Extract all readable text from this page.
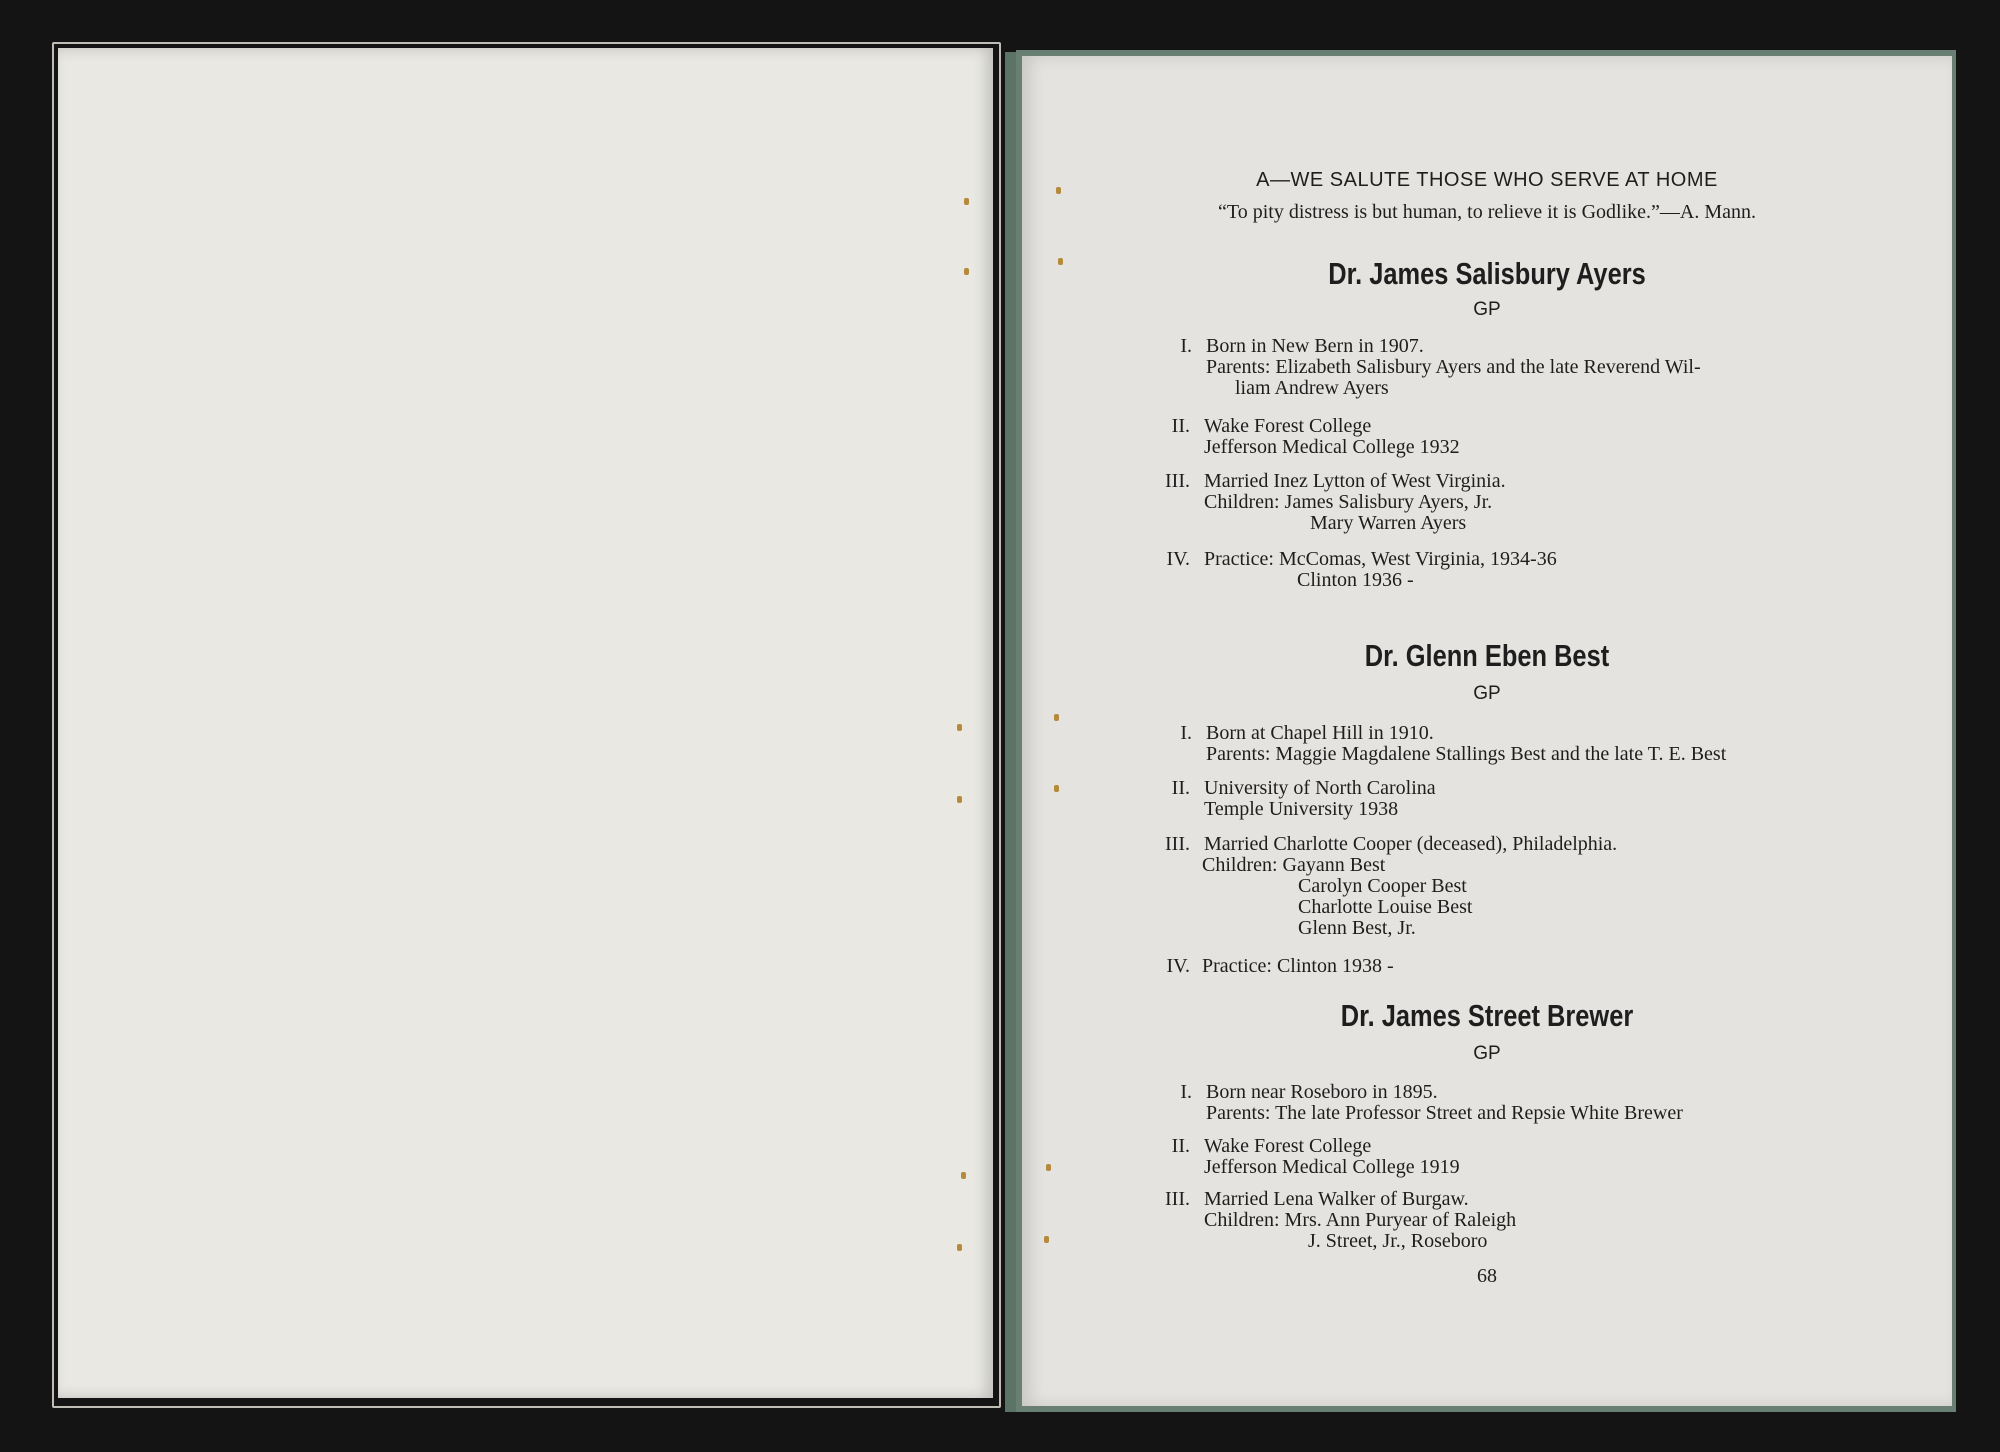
A—WE SALUTE THOSE WHO SERVE AT HOME
“To pity distress is but human, to relieve it is Godlike.”—A. Mann.
Dr. James Salisbury Ayers
GP
I. Born in New Bern in 1907.
Parents: Elizabeth Salisbury Ayers and the late Reverend Wil-
liam Andrew Ayers
II. Wake Forest College
Jefferson Medical College 1932
III. Married Inez Lytton of West Virginia.
Children: James Salisbury Ayers, Jr.
Mary Warren Ayers
IV. Practice: McComas, West Virginia, 1934-36
Clinton 1936 -
Dr. Glenn Eben Best
GP
I. Born at Chapel Hill in 1910.
Parents: Maggie Magdalene Stallings Best and the late T. E. Best
II. University of North Carolina
Temple University 1938
III. Married Charlotte Cooper (deceased), Philadelphia.
Children: Gayann Best
Carolyn Cooper Best
Charlotte Louise Best
Glenn Best, Jr.
IV. Practice: Clinton 1938 -
Dr. James Street Brewer
GP
I. Born near Roseboro in 1895.
Parents: The late Professor Street and Repsie White Brewer
II. Wake Forest College
Jefferson Medical College 1919
III. Married Lena Walker of Burgaw.
Children: Mrs. Ann Puryear of Raleigh
J. Street, Jr., Roseboro
68
